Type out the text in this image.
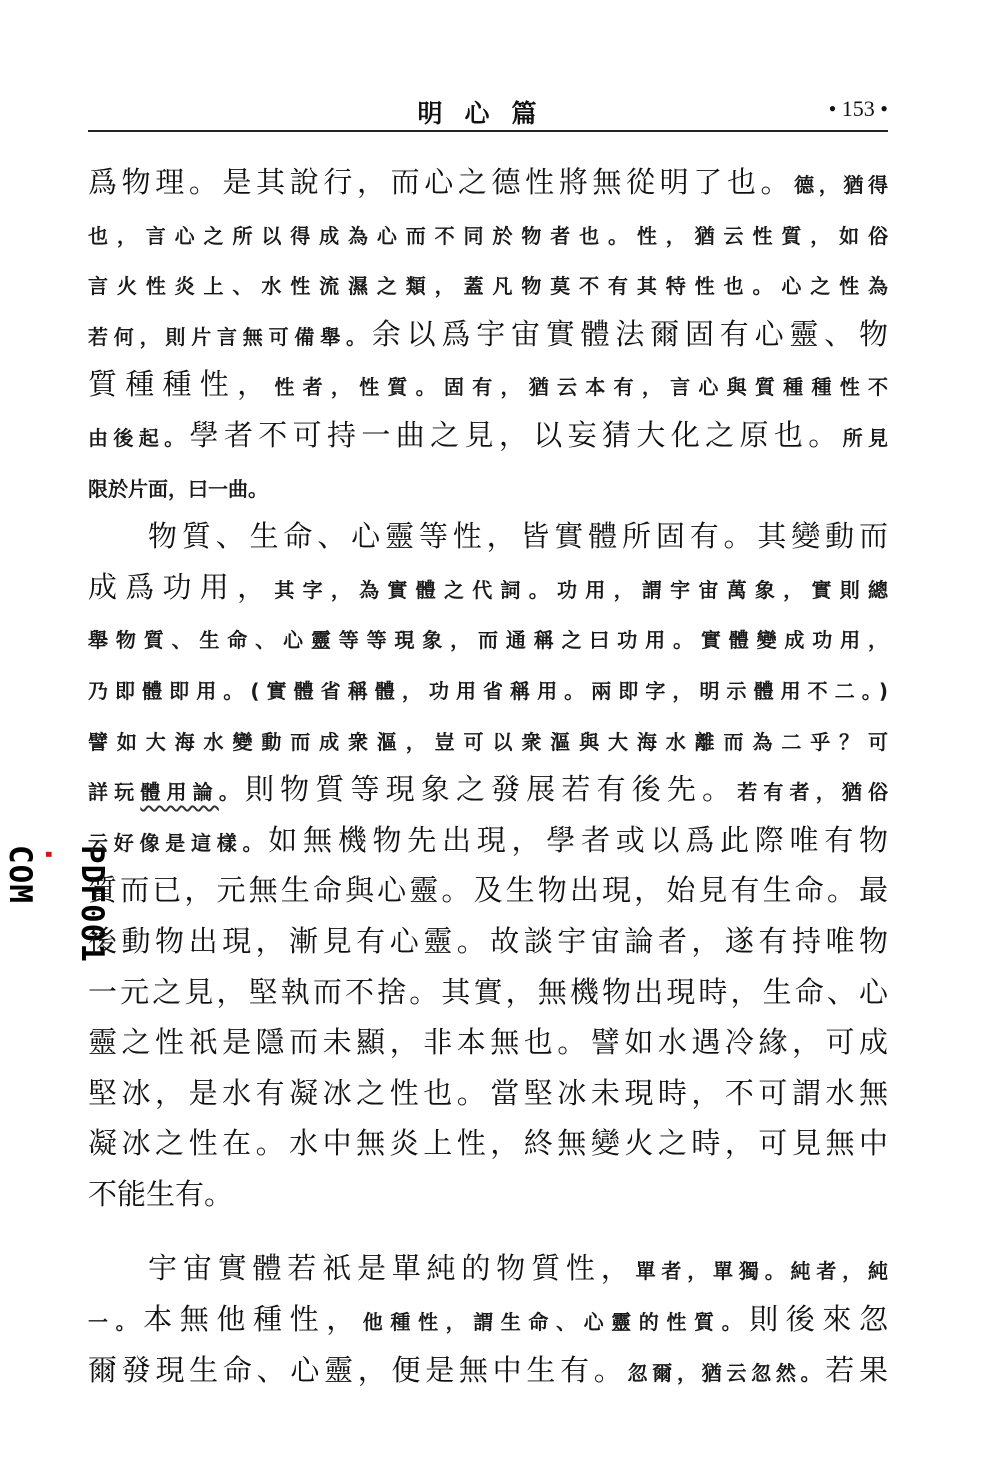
明心篇	• 153 •
PDF001
.
COM
爲物理。是其說行，而心之德性將無從明了也。德，猶得
也，言心之所以得成為心而不同於物者也。性，猶云性質，如俗
言火性炎上、水性流濕之類，蓋凡物莫不有其特性也。心之性為
若何，則片言無可備舉。余以爲宇宙實體法爾固有心靈、物
質種種性，性者，性質。固有，猶云本有，言心與質種種性不
由後起。學者不可持一曲之見，以妄猜大化之原也。所見
限於片面，曰一曲。
物質、生命、心靈等性，皆實體所固有。其變動而
成爲功用，其字，為實體之代詞。功用，謂宇宙萬象，實則總
舉物質、生命、心靈等等現象，而通稱之曰功用。實體變成功用，
乃即體即用。(實體省稱體，功用省稱用。兩即字，明示體用不二。)
譬如大海水變動而成衆漚，豈可以衆漚與大海水離而為二乎？可
詳玩體用論。則物質等現象之發展若有後先。若有者，猶俗
云好像是這樣。如無機物先出現，學者或以爲此際唯有物
質而已，元無生命與心靈。及生物出現，始見有生命。最
後動物出現，漸見有心靈。故談宇宙論者，遂有持唯物
一元之見，堅執而不捨。其實，無機物出現時，生命、心
靈之性祇是隱而未顯，非本無也。譬如水遇冷緣，可成
堅冰，是水有凝冰之性也。當堅冰未現時，不可謂水無
凝冰之性在。水中無炎上性，終無變火之時，可見無中
不能生有。
宇宙實體若祇是單純的物質性，單者，單獨。純者，純
一。本無他種性，他種性，謂生命、心靈的性質。則後來忽
爾發現生命、心靈，便是無中生有。忽爾，猶云忽然。若果
